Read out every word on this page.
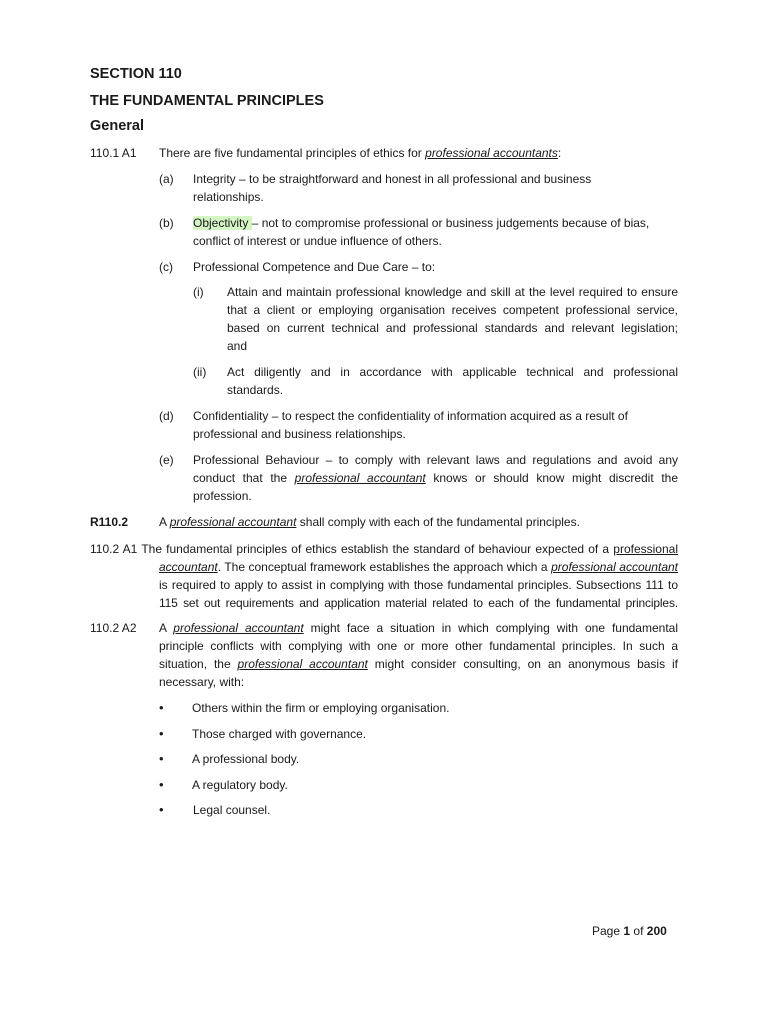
SECTION 110
THE FUNDAMENTAL PRINCIPLES
General
110.1 A1 There are five fundamental principles of ethics for professional accountants:
(a) Integrity – to be straightforward and honest in all professional and business
relationships.
(b) Objectivity – not to compromise professional or business judgements because of bias,
conflict of interest or undue influence of others.
(c) Professional Competence and Due Care – to:
(i) Attain and maintain professional knowledge and skill at the level required to ensure
that a client or employing organisation receives competent professional service,
based on current technical and professional standards and relevant legislation;
and
(ii) Act diligently and in accordance with applicable technical and professional
standards.
(d) Confidentiality – to respect the confidentiality of information acquired as a result of
professional and business relationships.
(e) Professional Behaviour – to comply with relevant laws and regulations and avoid any
conduct that the professional accountant knows or should know might discredit the
profession.
R110.2	A professional accountant shall comply with each of the fundamental principles.
110.2 A1 The fundamental principles of ethics establish the standard of behaviour expected of a professional
accountant. The conceptual framework establishes the approach which a professional accountant
is required to apply to assist in complying with those fundamental principles. Subsections 111 to
115 set out requirements and application material related to each of the fundamental principles.
110.2 A2 A professional accountant might face a situation in which complying with one fundamental
principle conflicts with complying with one or more other fundamental principles. In such a
situation, the professional accountant might consider consulting, on an anonymous basis if
necessary, with:
• Others within the firm or employing organisation.
• Those charged with governance.
• A professional body.
• A regulatory body.
• Legal counsel.
Page 1 of 200
